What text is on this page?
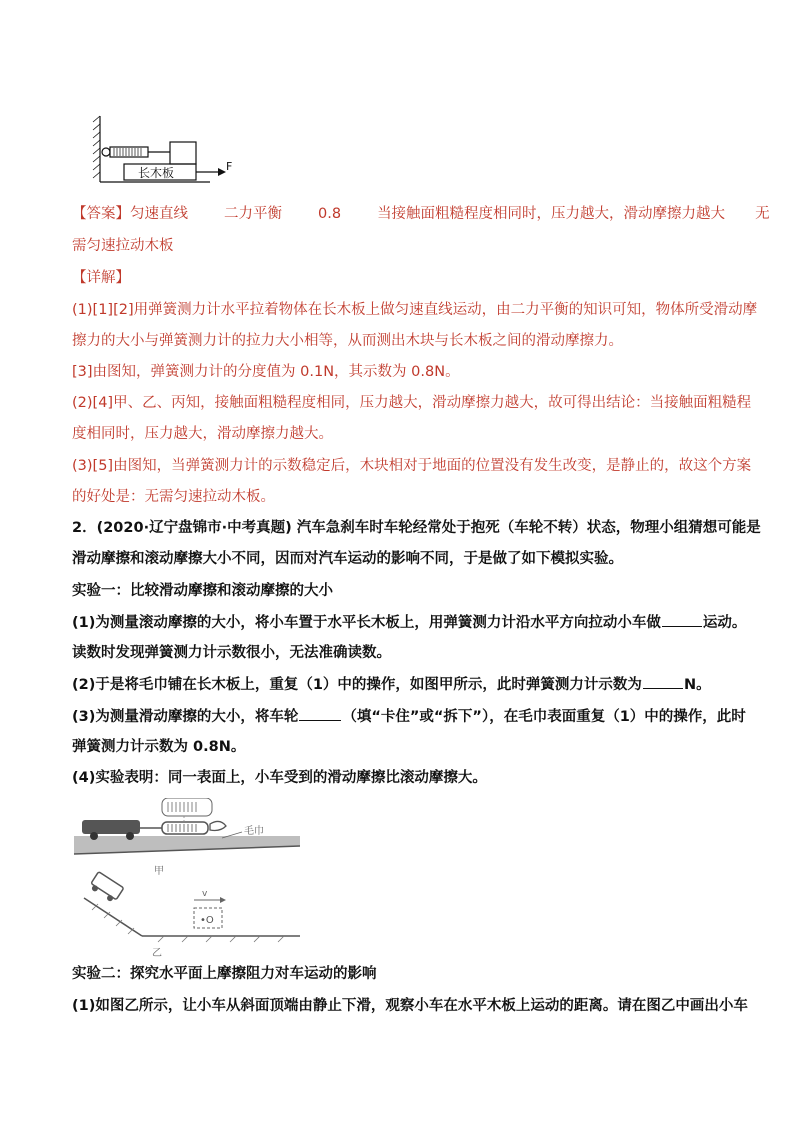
长木板	F
【答案】匀速直线 二力平衡 0.8 当接触面粗糙程度相同时，压力越大，滑动摩擦力越大 无
需匀速拉动木板
【详解】
(1)[1][2]用弹簧测力计水平拉着物体在长木板上做匀速直线运动，由二力平衡的知识可知，物体所受滑动摩
擦力的大小与弹簧测力计的拉力大小相等，从而测出木块与长木板之间的滑动摩擦力。
[3]由图知，弹簧测力计的分度值为 0.1N，其示数为 0.8N。
(2)[4]甲、乙、丙知，接触面粗糙程度相同，压力越大，滑动摩擦力越大，故可得出结论：当接触面粗糙程
度相同时，压力越大，滑动摩擦力越大。
(3)[5]由图知，当弹簧测力计的示数稳定后，木块相对于地面的位置没有发生改变，是静止的，故这个方案
的好处是：无需匀速拉动木板。
2．(2020·辽宁盘锦市·中考真题) 汽车急刹车时车轮经常处于抱死（车轮不转）状态，物理小组猜想可能是
滑动摩擦和滚动摩擦大小不同，因而对汽车运动的影响不同，于是做了如下模拟实验。
实验一：比较滑动摩擦和滚动摩擦的大小
(1)为测量滚动摩擦的大小，将小车置于水平长木板上，用弹簧测力计沿水平方向拉动小车做	运动。
读数时发现弹簧测力计示数很小，无法准确读数。
(2)于是将毛巾铺在长木板上，重复（1）中的操作，如图甲所示，此时弹簧测力计示数为	N。
(3)为测量滑动摩擦的大小，将车轮	（填“卡住”或“拆下”），在毛巾表面重复（1）中的操作，此时
弹簧测力计示数为 0.8N。
(4)实验表明：同一表面上，小车受到的滑动摩擦比滚动摩擦大。
毛巾
甲
v
•O
乙
实验二：探究水平面上摩擦阻力对车运动的影响
(1)如图乙所示，让小车从斜面顶端由静止下滑，观察小车在水平木板上运动的距离。请在图乙中画出小车
